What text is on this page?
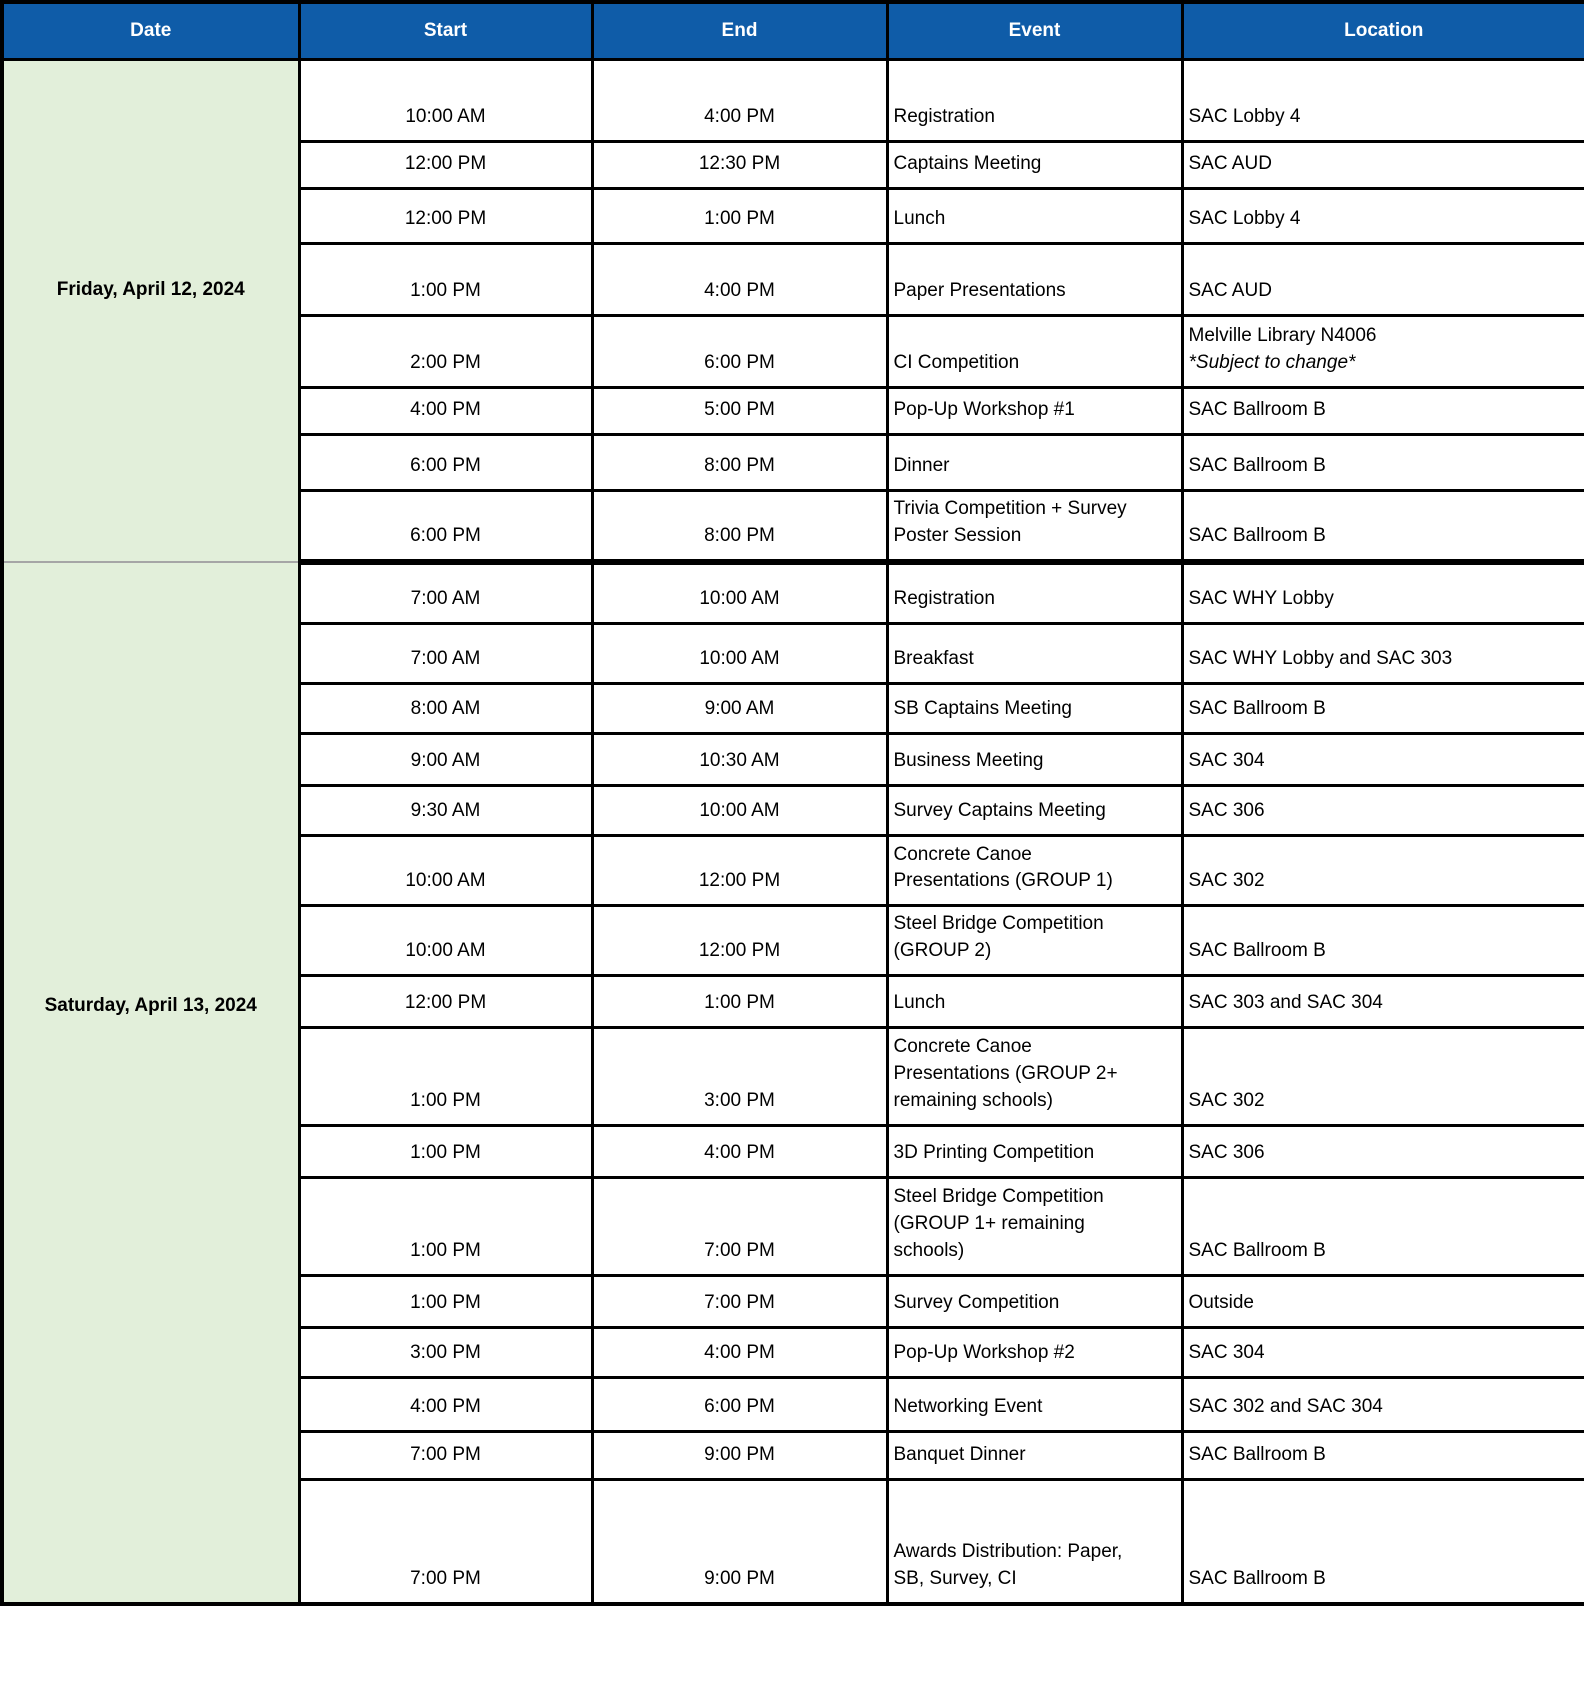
Date	Start	End	Event	Location
Friday, April 12, 2024	10:00 AM	4:00 PM	Registration	SAC Lobby 4
	12:00 PM	12:30 PM	Captains Meeting	SAC AUD
	12:00 PM	1:00 PM	Lunch	SAC Lobby 4
	1:00 PM	4:00 PM	Paper Presentations	SAC AUD
	2:00 PM	6:00 PM	CI Competition	Melville Library N4006
*Subject to change*
	4:00 PM	5:00 PM	Pop-Up Workshop #1	SAC Ballroom B
	6:00 PM	8:00 PM	Dinner	SAC Ballroom B
	6:00 PM	8:00 PM	Trivia Competition + Survey Poster Session	SAC Ballroom B
Saturday, April 13, 2024	7:00 AM	10:00 AM	Registration	SAC WHY Lobby
	7:00 AM	10:00 AM	Breakfast	SAC WHY Lobby and SAC 303
	8:00 AM	9:00 AM	SB Captains Meeting	SAC Ballroom B
	9:00 AM	10:30 AM	Business Meeting	SAC 304
	9:30 AM	10:00 AM	Survey Captains Meeting	SAC 306
	10:00 AM	12:00 PM	Concrete Canoe Presentations (GROUP 1)	SAC 302
	10:00 AM	12:00 PM	Steel Bridge Competition (GROUP 2)	SAC Ballroom B
	12:00 PM	1:00 PM	Lunch	SAC 303 and SAC 304
	1:00 PM	3:00 PM	Concrete Canoe Presentations (GROUP 2+ remaining schools)	SAC 302
	1:00 PM	4:00 PM	3D Printing Competition	SAC 306
	1:00 PM	7:00 PM	Steel Bridge Competition (GROUP 1+ remaining schools)	SAC Ballroom B
	1:00 PM	7:00 PM	Survey Competition	Outside
	3:00 PM	4:00 PM	Pop-Up Workshop #2	SAC 304
	4:00 PM	6:00 PM	Networking Event	SAC 302 and SAC 304
	7:00 PM	9:00 PM	Banquet Dinner	SAC Ballroom B
	7:00 PM	9:00 PM	Awards Distribution: Paper, SB, Survey, CI	SAC Ballroom B
